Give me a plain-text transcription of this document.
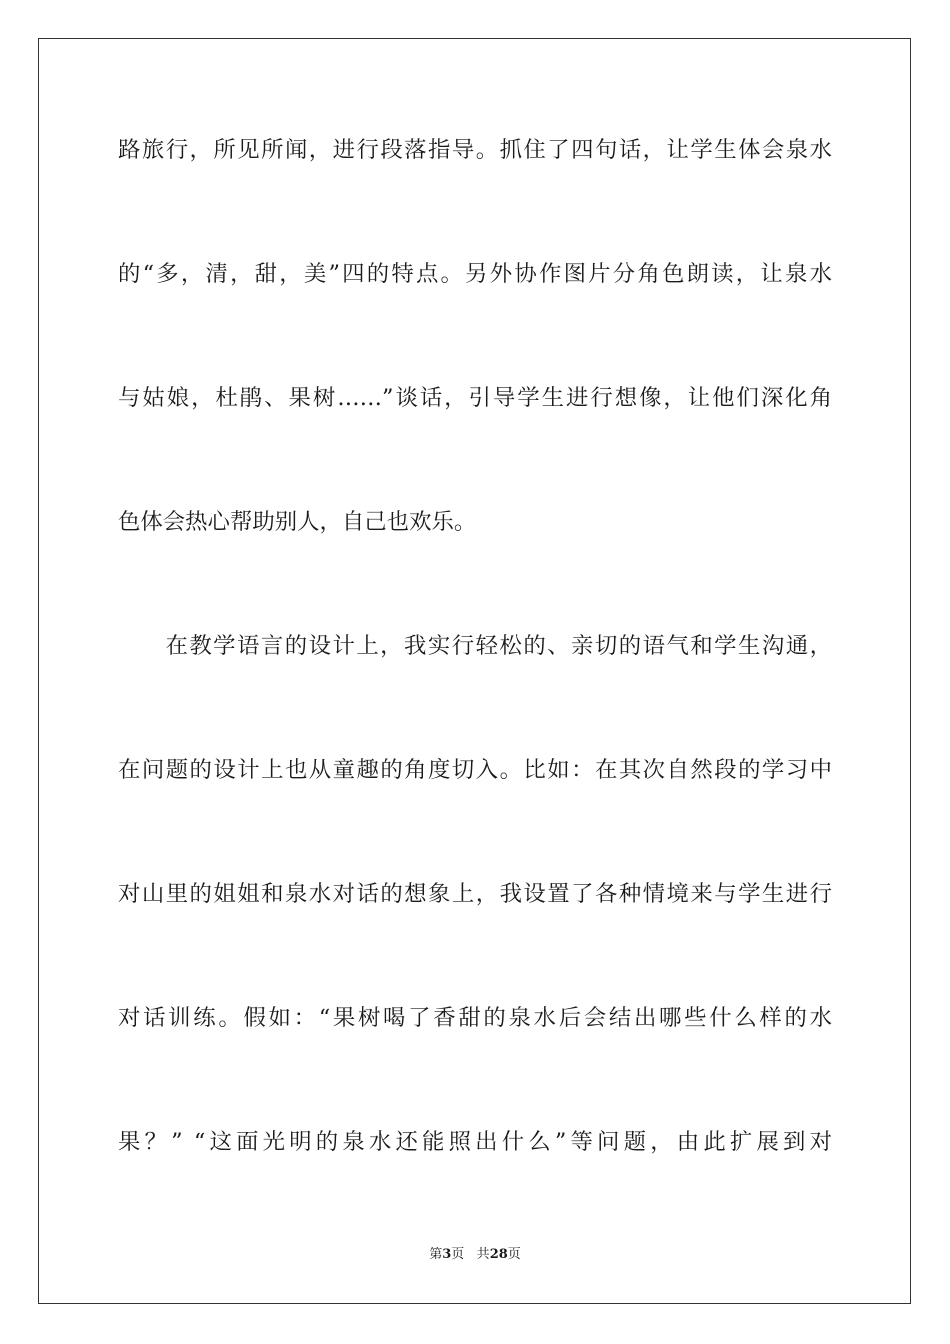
路旅行，所见所闻，进行段落指导。抓住了四句话，让学生体会泉水
的“多，清，甜，美”四的特点。另外协作图片分角色朗读，让泉水
与姑娘，杜鹃、果树……”谈话，引导学生进行想像，让他们深化角
色体会热心帮助别人，自己也欢乐。
在教学语言的设计上，我实行轻松的、亲切的语气和学生沟通，
在问题的设计上也从童趣的角度切入。比如：在其次自然段的学习中
对山里的姐姐和泉水对话的想象上，我设置了各种情境来与学生进行
对话训练。假如：“果树喝了香甜的泉水后会结出哪些什么样的水
果？” “这面光明的泉水还能照出什么”等问题，由此扩展到对
第3页 共28页
